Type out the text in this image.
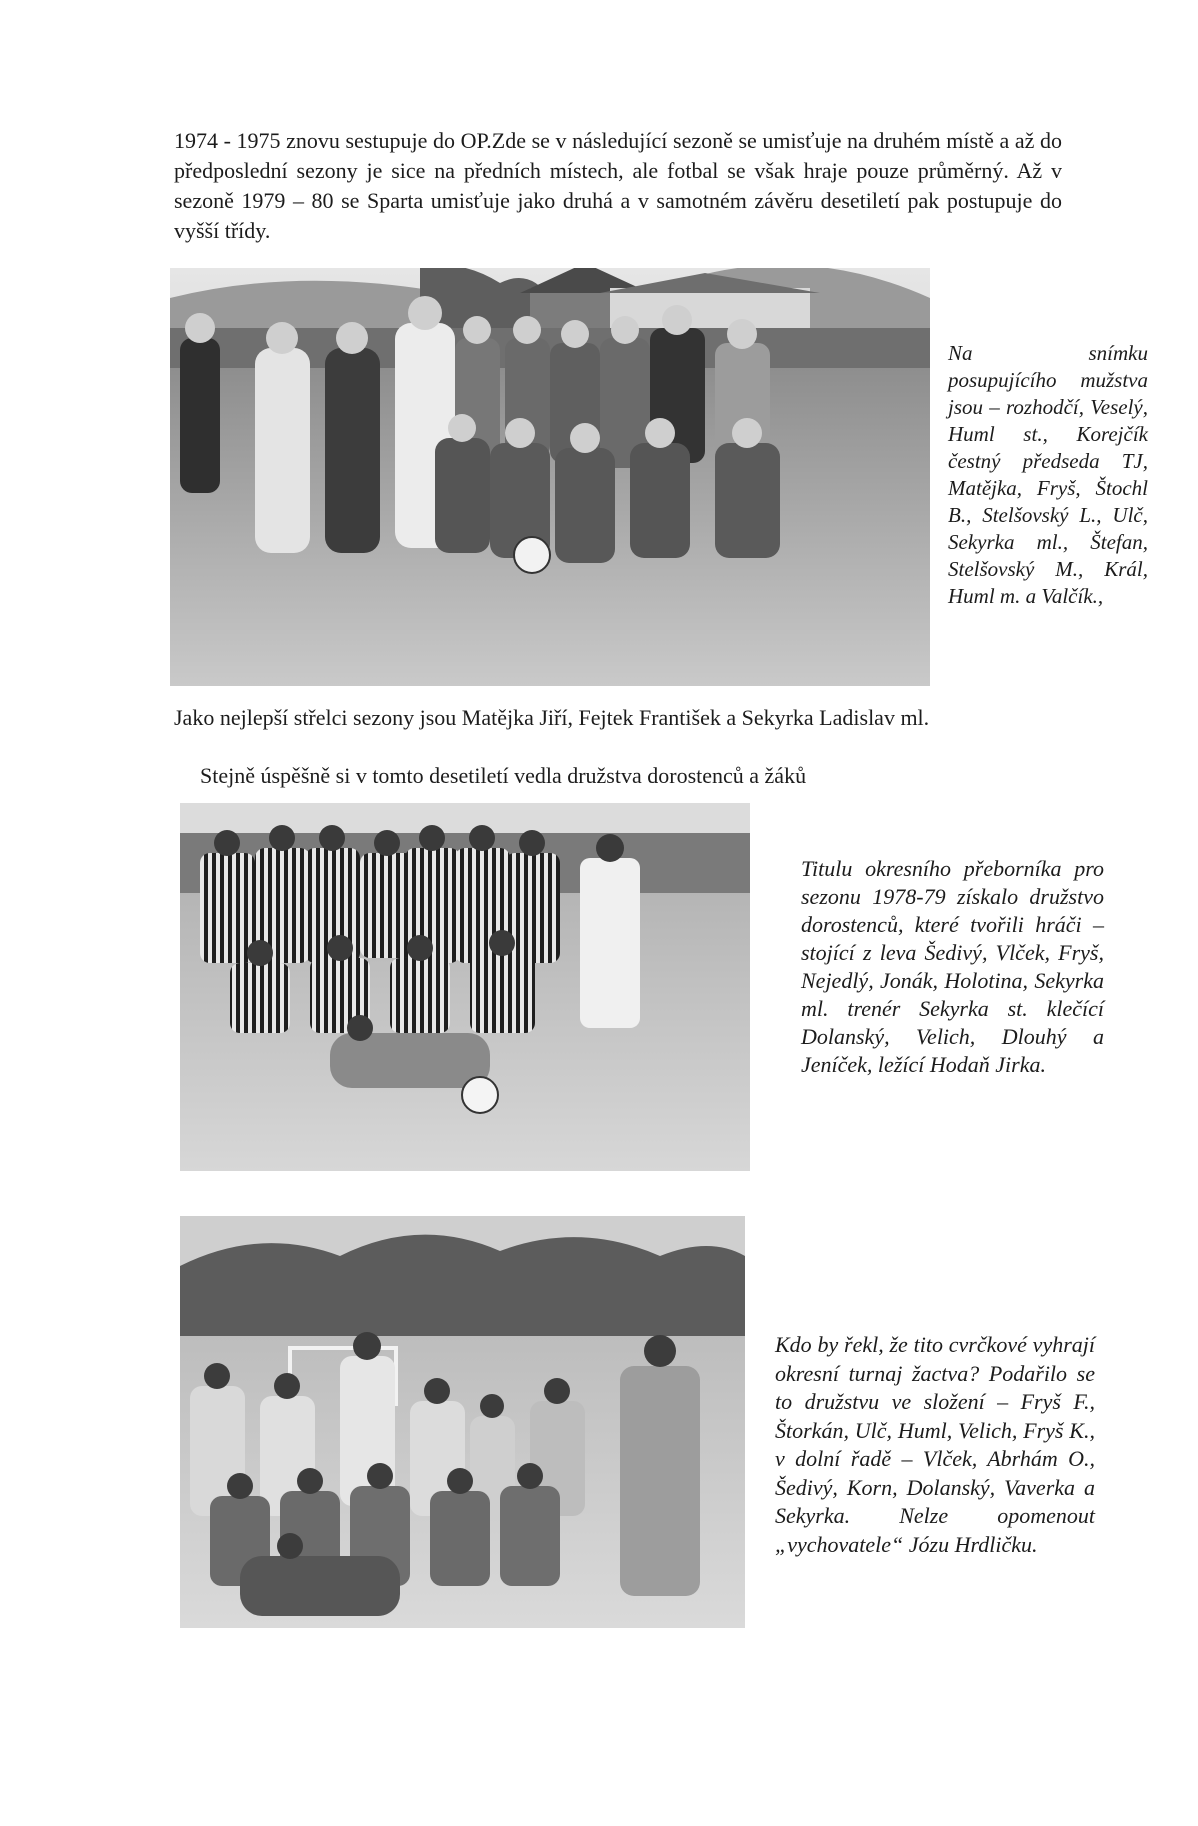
1974 - 1975 znovu sestupuje do OP.Zde se v následující sezoně se umisťuje na druhém místě a až do předposlední sezony je sice na předních místech, ale fotbal se však hraje pouze průměrný. Až v sezoně 1979 – 80 se Sparta umisťuje jako druhá a v samotném závěru desetiletí pak postupuje do vyšší třídy.

Na snímku posupujícího mužstva jsou – rozhodčí, Veselý, Huml st., Korejčík čestný předseda TJ, Matějka, Fryš, Štochl B., Stelšovský L., Ulč, Sekyrka ml., Štefan, Stelšovský M., Král, Huml m. a Valčík.,

Jako nejlepší střelci sezony jsou Matějka Jiří, Fejtek František a Sekyrka Ladislav ml.

Stejně úspěšně si v tomto desetiletí vedla družstva dorostenců a žáků

Titulu okresního přeborníka pro sezonu 1978-79 získalo družstvo dorostenců, které tvořili hráči – stojící z leva Šedivý, Vlček, Fryš, Nejedlý, Jonák, Holotina, Sekyrka ml. trenér Sekyrka st. klečící Dolanský, Velich, Dlouhý a Jeníček, ležící Hodaň Jirka.

Kdo by řekl, že tito cvrčkové vyhrají okresní turnaj žactva? Podařilo se to družstvu ve složení – Fryš F., Štorkán, Ulč, Huml, Velich, Fryš K., v dolní řadě – Vlček, Abrhám O., Šedivý, Korn, Dolanský, Vaverka a Sekyrka. Nelze opomenout „vychovatele“ Józu Hrdličku.
